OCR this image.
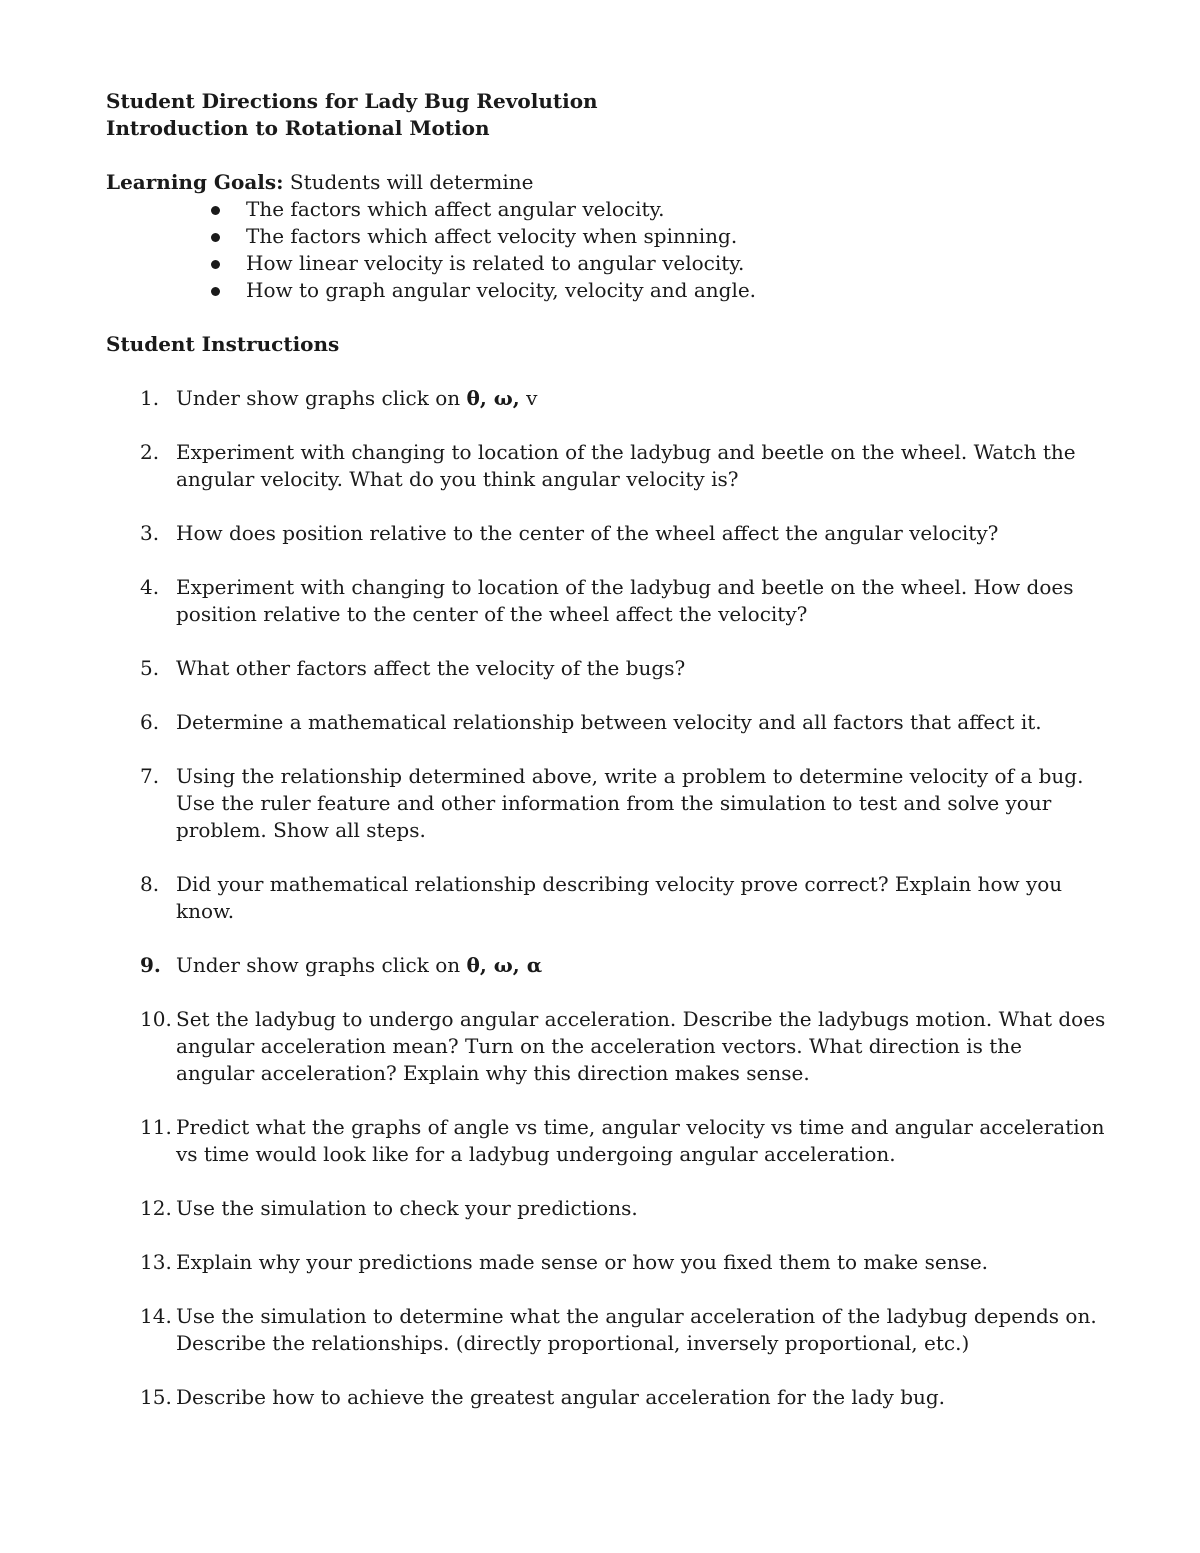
Student Directions for Lady Bug Revolution
Introduction to Rotational Motion
Learning Goals: Students will determine
The factors which affect angular velocity.
The factors which affect velocity when spinning.
How linear velocity is related to angular velocity.
How to graph angular velocity, velocity and angle.
Student Instructions
1. Under show graphs click on θ, ω, v
2. Experiment with changing to location of the ladybug and beetle on the wheel. Watch the angular velocity. What do you think angular velocity is?
3. How does position relative to the center of the wheel affect the angular velocity?
4. Experiment with changing to location of the ladybug and beetle on the wheel. How does position relative to the center of the wheel affect the velocity?
5. What other factors affect the velocity of the bugs?
6. Determine a mathematical relationship between velocity and all factors that affect it.
7. Using the relationship determined above, write a problem to determine velocity of a bug. Use the ruler feature and other information from the simulation to test and solve your problem. Show all steps.
8. Did your mathematical relationship describing velocity prove correct? Explain how you know.
9. Under show graphs click on θ, ω, α
10. Set the ladybug to undergo angular acceleration. Describe the ladybugs motion. What does angular acceleration mean? Turn on the acceleration vectors. What direction is the angular acceleration? Explain why this direction makes sense.
11. Predict what the graphs of angle vs time, angular velocity vs time and angular acceleration vs time would look like for a ladybug undergoing angular acceleration.
12. Use the simulation to check your predictions.
13. Explain why your predictions made sense or how you fixed them to make sense.
14. Use the simulation to determine what the angular acceleration of the ladybug depends on. Describe the relationships. (directly proportional, inversely proportional, etc.)
15. Describe how to achieve the greatest angular acceleration for the lady bug.
